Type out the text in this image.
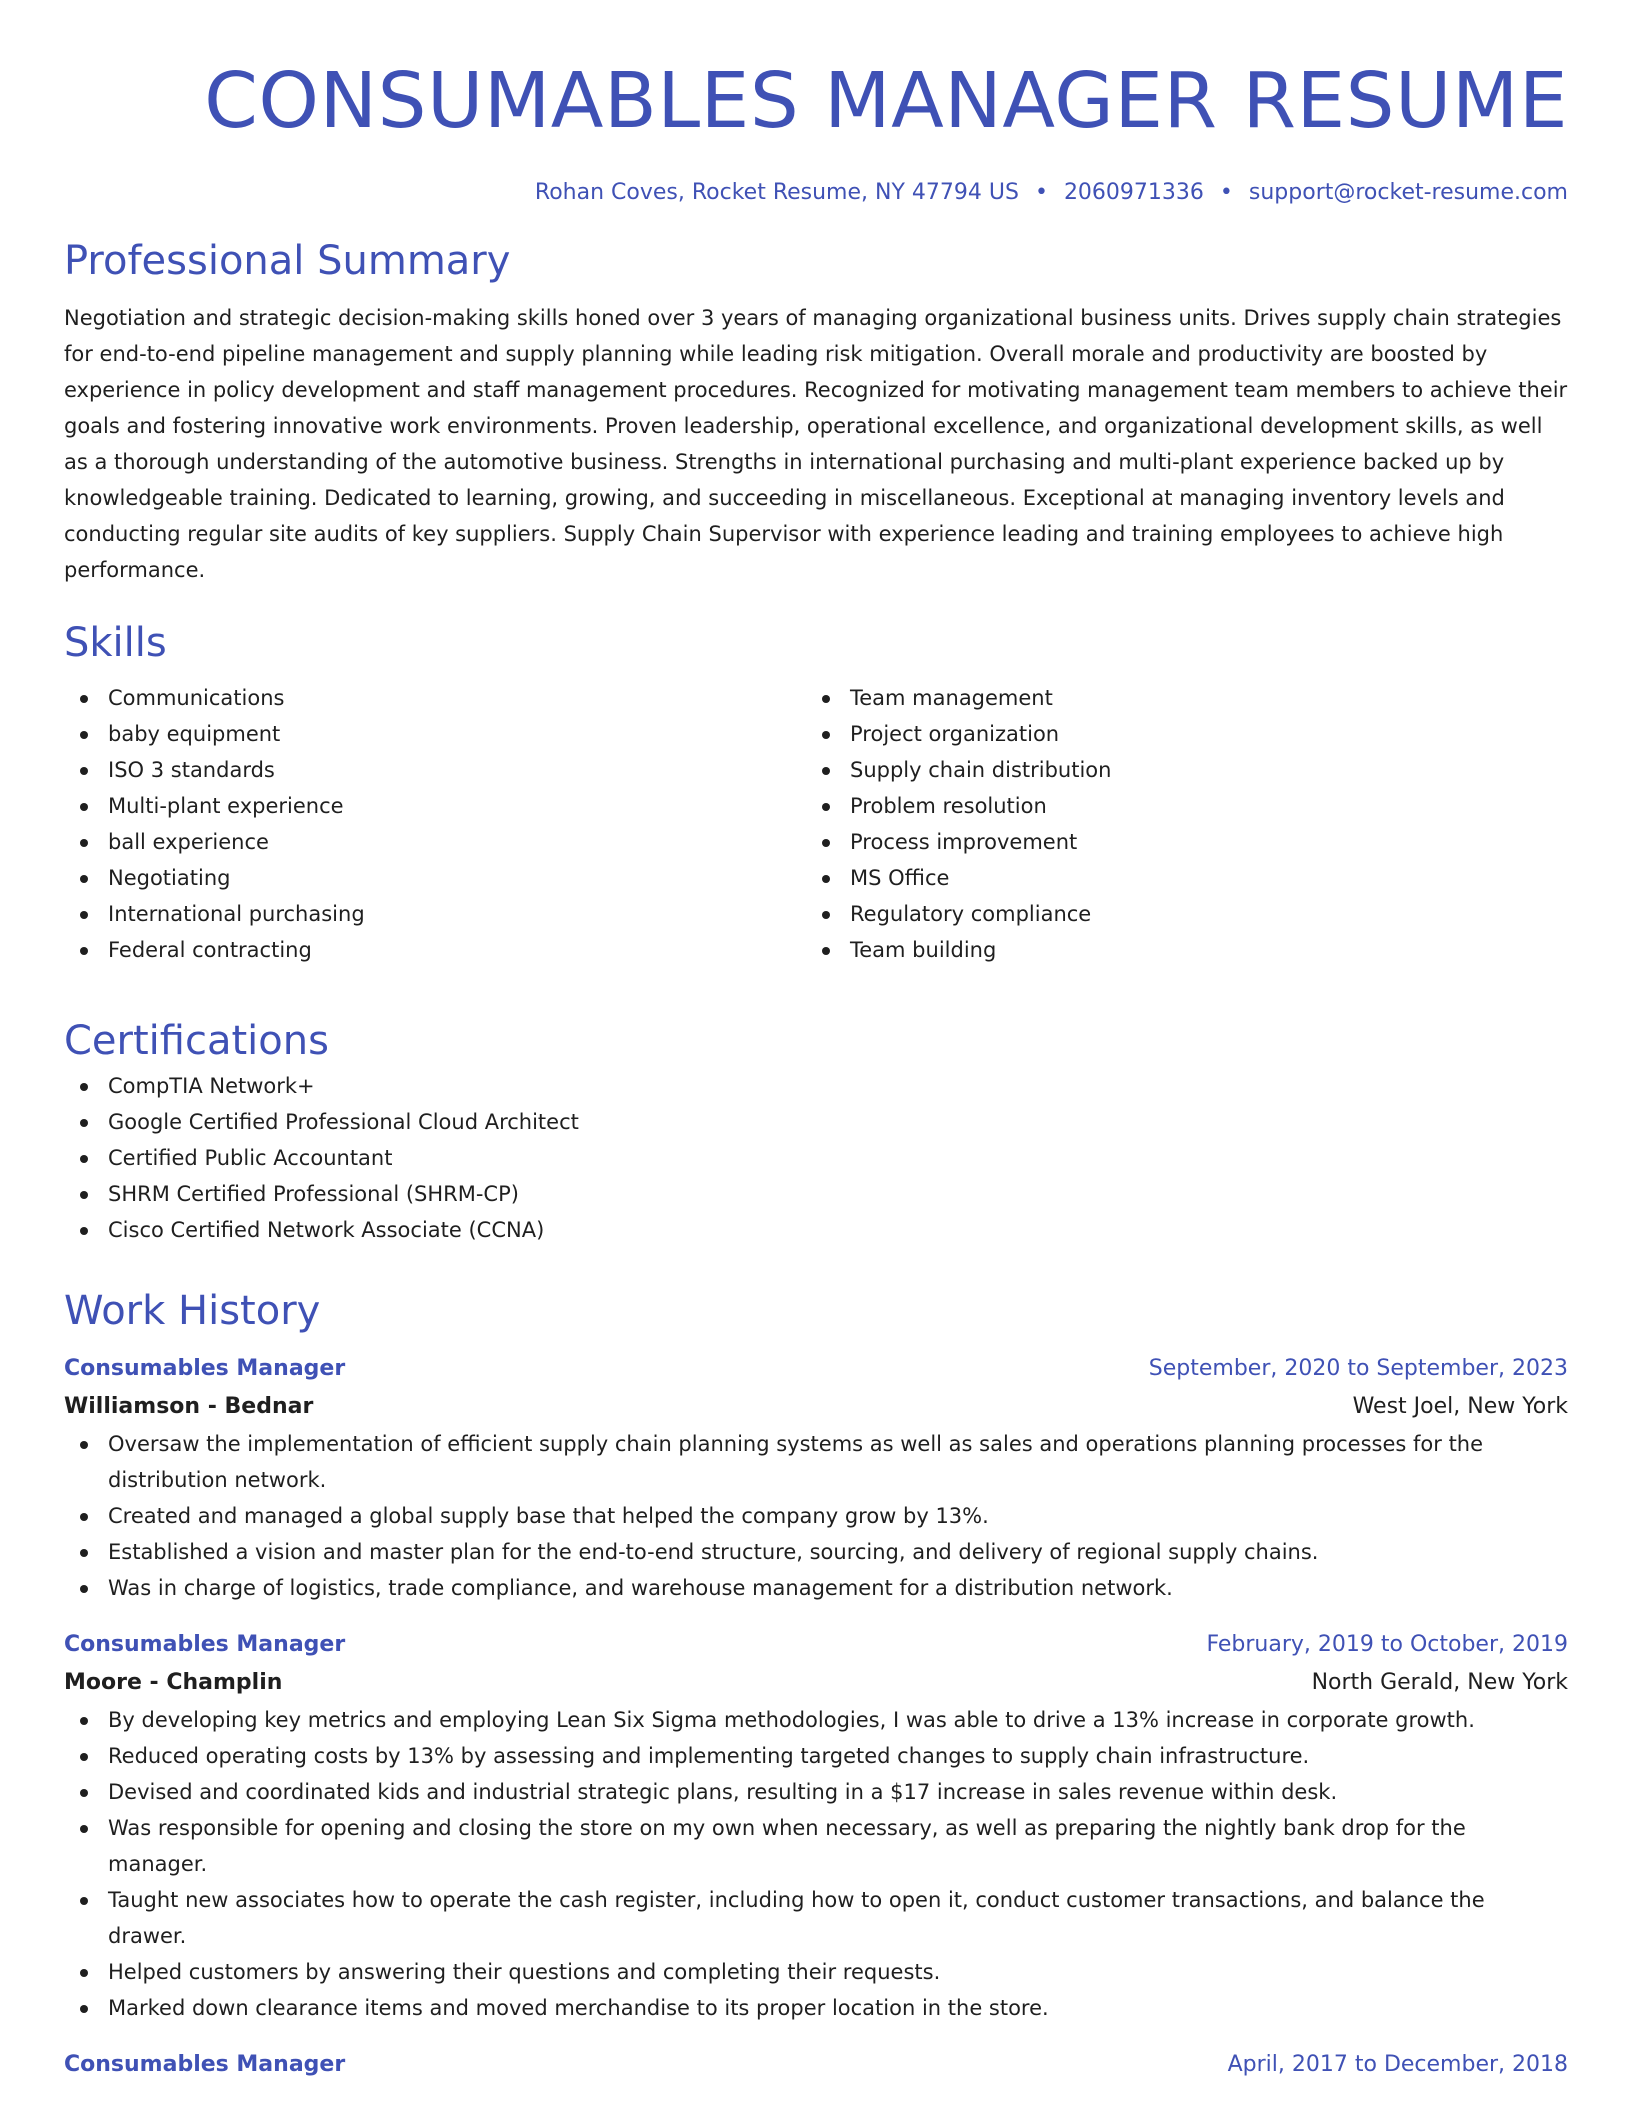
CONSUMABLES MANAGER RESUME
Rohan Coves, Rocket Resume, NY 47794 US • 2060971336 • support@rocket-resume.com
Professional Summary

Negotiation and strategic decision-making skills honed over 3 years of managing organizational business units. Drives supply chain strategies for end-to-end pipeline management and supply planning while leading risk mitigation. Overall morale and productivity are boosted by experience in policy development and staff management procedures. Recognized for motivating management team members to achieve their goals and fostering innovative work environments. Proven leadership, operational excellence, and organizational development skills, as well as a thorough understanding of the automotive business. Strengths in international purchasing and multi-plant experience backed up by knowledgeable training. Dedicated to learning, growing, and succeeding in miscellaneous. Exceptional at managing inventory levels and conducting regular site audits of key suppliers. Supply Chain Supervisor with experience leading and training employees to achieve high performance.

Skills
Communications
baby equipment
ISO 3 standards
Multi-plant experience
ball experience
Negotiating
International purchasing
Federal contracting
Team management
Project organization
Supply chain distribution
Problem resolution
Process improvement
MS Office
Regulatory compliance
Team building
Certifications
CompTIA Network+
Google Certified Professional Cloud Architect
Certified Public Accountant
SHRM Certified Professional (SHRM-CP)
Cisco Certified Network Associate (CCNA)
Work History
Consumables Manager	September, 2020 to September, 2023
Williamson - Bednar	West Joel, New York
Oversaw the implementation of efficient supply chain planning systems as well as sales and operations planning processes for the distribution network.
Created and managed a global supply base that helped the company grow by 13%.
Established a vision and master plan for the end-to-end structure, sourcing, and delivery of regional supply chains.
Was in charge of logistics, trade compliance, and warehouse management for a distribution network.
Consumables Manager	February, 2019 to October, 2019
Moore - Champlin	North Gerald, New York
By developing key metrics and employing Lean Six Sigma methodologies, I was able to drive a 13% increase in corporate growth.
Reduced operating costs by 13% by assessing and implementing targeted changes to supply chain infrastructure.
Devised and coordinated kids and industrial strategic plans, resulting in a $17 increase in sales revenue within desk.
Was responsible for opening and closing the store on my own when necessary, as well as preparing the nightly bank drop for the manager.
Taught new associates how to operate the cash register, including how to open it, conduct customer transactions, and balance the drawer.
Helped customers by answering their questions and completing their requests.
Marked down clearance items and moved merchandise to its proper location in the store.
Consumables Manager	April, 2017 to December, 2018
